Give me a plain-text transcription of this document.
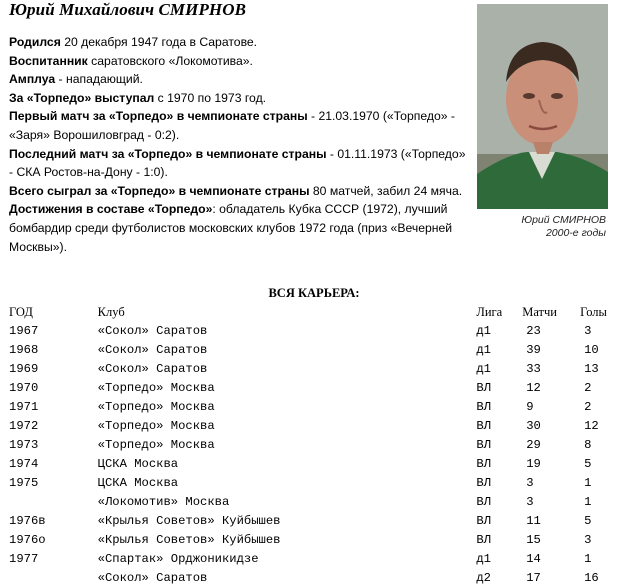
Юрий Михайлович СМИРНОВ

Родился 20 декабря 1947 года в Саратове.

Воспитанник саратовского «Локомотива».

Амплуа - нападающий.

За «Торпедо» выступал с 1970 по 1973 год.

Первый матч за «Торпедо» в чемпионате страны - 21.03.1970 («Торпедо» - «Заря» Ворошиловград - 0:2).

Последний матч за «Торпедо» в чемпионате страны - 01.11.1973 («Торпедо» - СКА Ростов-на-Дону - 1:0).

Всего сыграл за «Торпедо» в чемпионате страны 80 матчей, забил 24 мяча.

Достижения в составе «Торпедо»: обладатель Кубка СССР (1972), лучший бомбардир среди футболистов московских клубов 1972 года (приз «Вечерней Москвы»).

Юрий СМИРНОВ
2000-е годы
ВСЯ КАРЬЕРА:
ГОД	Клуб	Лига	Матчи	Голы
1967	«Сокол» Саратов	д1	23	3
1968	«Сокол» Саратов	д1	39	10
1969	«Сокол» Саратов	д1	33	13
1970	«Торпедо» Москва	ВЛ	12	2
1971	«Торпедо» Москва	ВЛ	9	2
1972	«Торпедо» Москва	ВЛ	30	12
1973	«Торпедо» Москва	ВЛ	29	8
1974	ЦСКА Москва	ВЛ	19	5
1975	ЦСКА Москва	ВЛ	3	1
	«Локомотив» Москва	ВЛ	3	1
1976в	«Крылья Советов» Куйбышев	ВЛ	11	5
1976о	«Крылья Советов» Куйбышев	ВЛ	15	3
1977	«Спартак» Орджоникидзе	д1	14	1
	«Сокол» Саратов	д2	17	16
